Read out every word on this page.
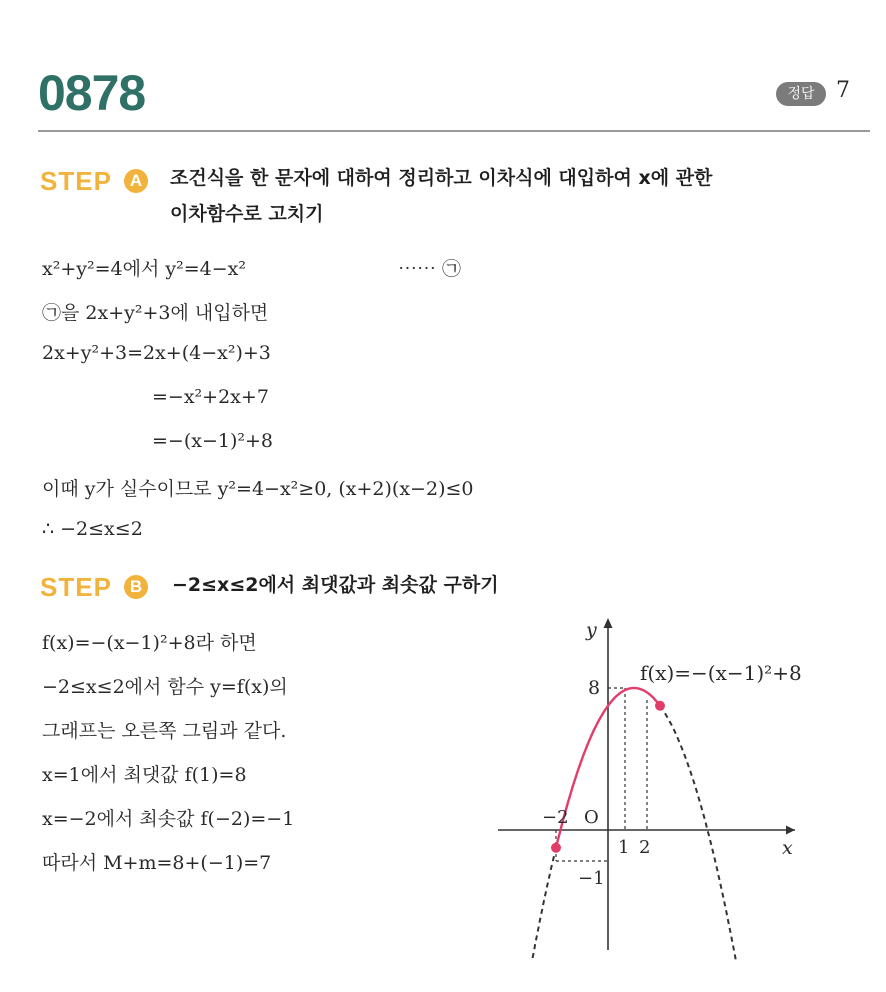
0878	정답 7
STEP	A	조건식을 한 문자에 대하여 정리하고 이차식에 대입하여 x에 관한
이차함수로 고치기
x²+y²=4에서 y²=4−x²	⋯⋯ ㉠
㉠을 2x+y²+3에 내입하면
2x+y²+3=2x+(4−x²)+3
=−x²+2x+7
=−(x−1)²+8
이때 y가 실수이므로 y²=4−x²≥0, (x+2)(x−2)≤0
∴ −2≤x≤2
STEP	B	−2≤x≤2에서 최댓값과 최솟값 구하기
f(x)=−(x−1)²+8라 하면
−2≤x≤2에서 함수 y=f(x)의
그래프는 오른쪽 그림과 같다.
x=1에서 최댓값 f(1)=8
x=−2에서 최솟값 f(−2)=−1
따라서 M+m=8+(−1)=7
f(x)=−(x−1)²+8
y
x
8
O
−2
1 2
−1
